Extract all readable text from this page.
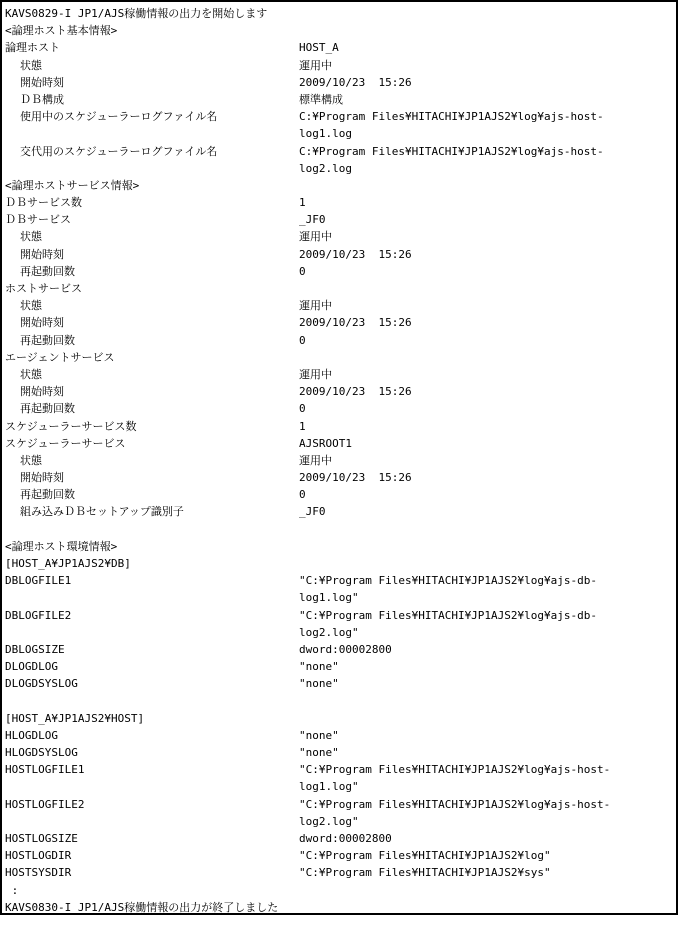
KAVS0829-I JP1/AJS稼働情報の出力を開始します
<論理ホスト基本情報>
論理ホスト	HOST_A
状態	運用中
開始時刻	2009/10/23  15:26
ＤＢ構成	標準構成
使用中のスケジューラーログファイル名	C:¥Program Files¥HITACHI¥JP1AJS2¥log¥ajs-host-
log1.log
交代用のスケジューラーログファイル名	C:¥Program Files¥HITACHI¥JP1AJS2¥log¥ajs-host-
log2.log
<論理ホストサービス情報>
ＤＢサービス数	1
ＤＢサービス	_JF0
状態	運用中
開始時刻	2009/10/23  15:26
再起動回数	0
ホストサービス
状態	運用中
開始時刻	2009/10/23  15:26
再起動回数	0
エージェントサービス
状態	運用中
開始時刻	2009/10/23  15:26
再起動回数	0
スケジューラーサービス数	1
スケジューラーサービス	AJSROOT1
状態	運用中
開始時刻	2009/10/23  15:26
再起動回数	0
組み込みＤＢセットアップ識別子	_JF0
<論理ホスト環境情報>
[HOST_A¥JP1AJS2¥DB]
DBLOGFILE1	"C:¥Program Files¥HITACHI¥JP1AJS2¥log¥ajs-db-
log1.log"
DBLOGFILE2	"C:¥Program Files¥HITACHI¥JP1AJS2¥log¥ajs-db-
log2.log"
DBLOGSIZE	dword:00002800
DLOGDLOG	"none"
DLOGDSYSLOG	"none"
[HOST_A¥JP1AJS2¥HOST]
HLOGDLOG	"none"
HLOGDSYSLOG	"none"
HOSTLOGFILE1	"C:¥Program Files¥HITACHI¥JP1AJS2¥log¥ajs-host-
log1.log"
HOSTLOGFILE2	"C:¥Program Files¥HITACHI¥JP1AJS2¥log¥ajs-host-
log2.log"
HOSTLOGSIZE	dword:00002800
HOSTLOGDIR	"C:¥Program Files¥HITACHI¥JP1AJS2¥log"
HOSTSYSDIR	"C:¥Program Files¥HITACHI¥JP1AJS2¥sys"
:
KAVS0830-I JP1/AJS稼働情報の出力が終了しました
